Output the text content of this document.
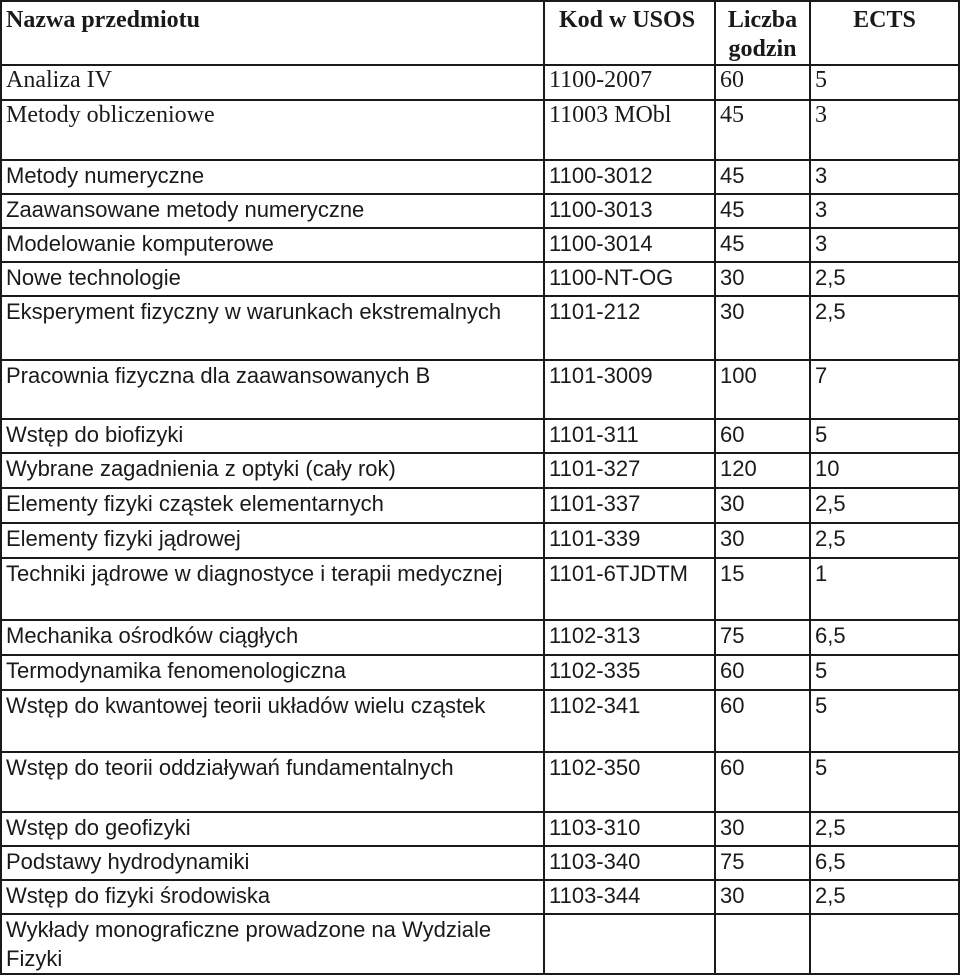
Nazwa przedmiotu	Kod w USOS	Liczba godzin	ECTS
Analiza IV	1100-2007	60	5
Metody obliczeniowe	11003 MObl	45	3
Metody numeryczne	1100-3012	45	3
Zaawansowane metody numeryczne	1100-3013	45	3
Modelowanie komputerowe	1100-3014	45	3
Nowe technologie	1100-NT-OG	30	2,5
Eksperyment fizyczny w warunkach ekstremalnych	1101-212	30	2,5
Pracownia fizyczna dla zaawansowanych B	1101-3009	100	7
Wstęp do biofizyki	1101-311	60	5
Wybrane zagadnienia z optyki (cały rok)	1101-327	120	10
Elementy fizyki cząstek elementarnych	1101-337	30	2,5
Elementy fizyki jądrowej	1101-339	30	2,5
Techniki jądrowe w diagnostyce i terapii medycznej	1101-6TJDTM	15	1
Mechanika ośrodków ciągłych	1102-313	75	6,5
Termodynamika fenomenologiczna	1102-335	60	5
Wstęp do kwantowej teorii układów wielu cząstek	1102-341	60	5
Wstęp do teorii oddziaływań fundamentalnych	1102-350	60	5
Wstęp do geofizyki	1103-310	30	2,5
Podstawy hydrodynamiki	1103-340	75	6,5
Wstęp do fizyki środowiska	1103-344	30	2,5
Wykłady monograficzne prowadzone na Wydziale Fizyki			
